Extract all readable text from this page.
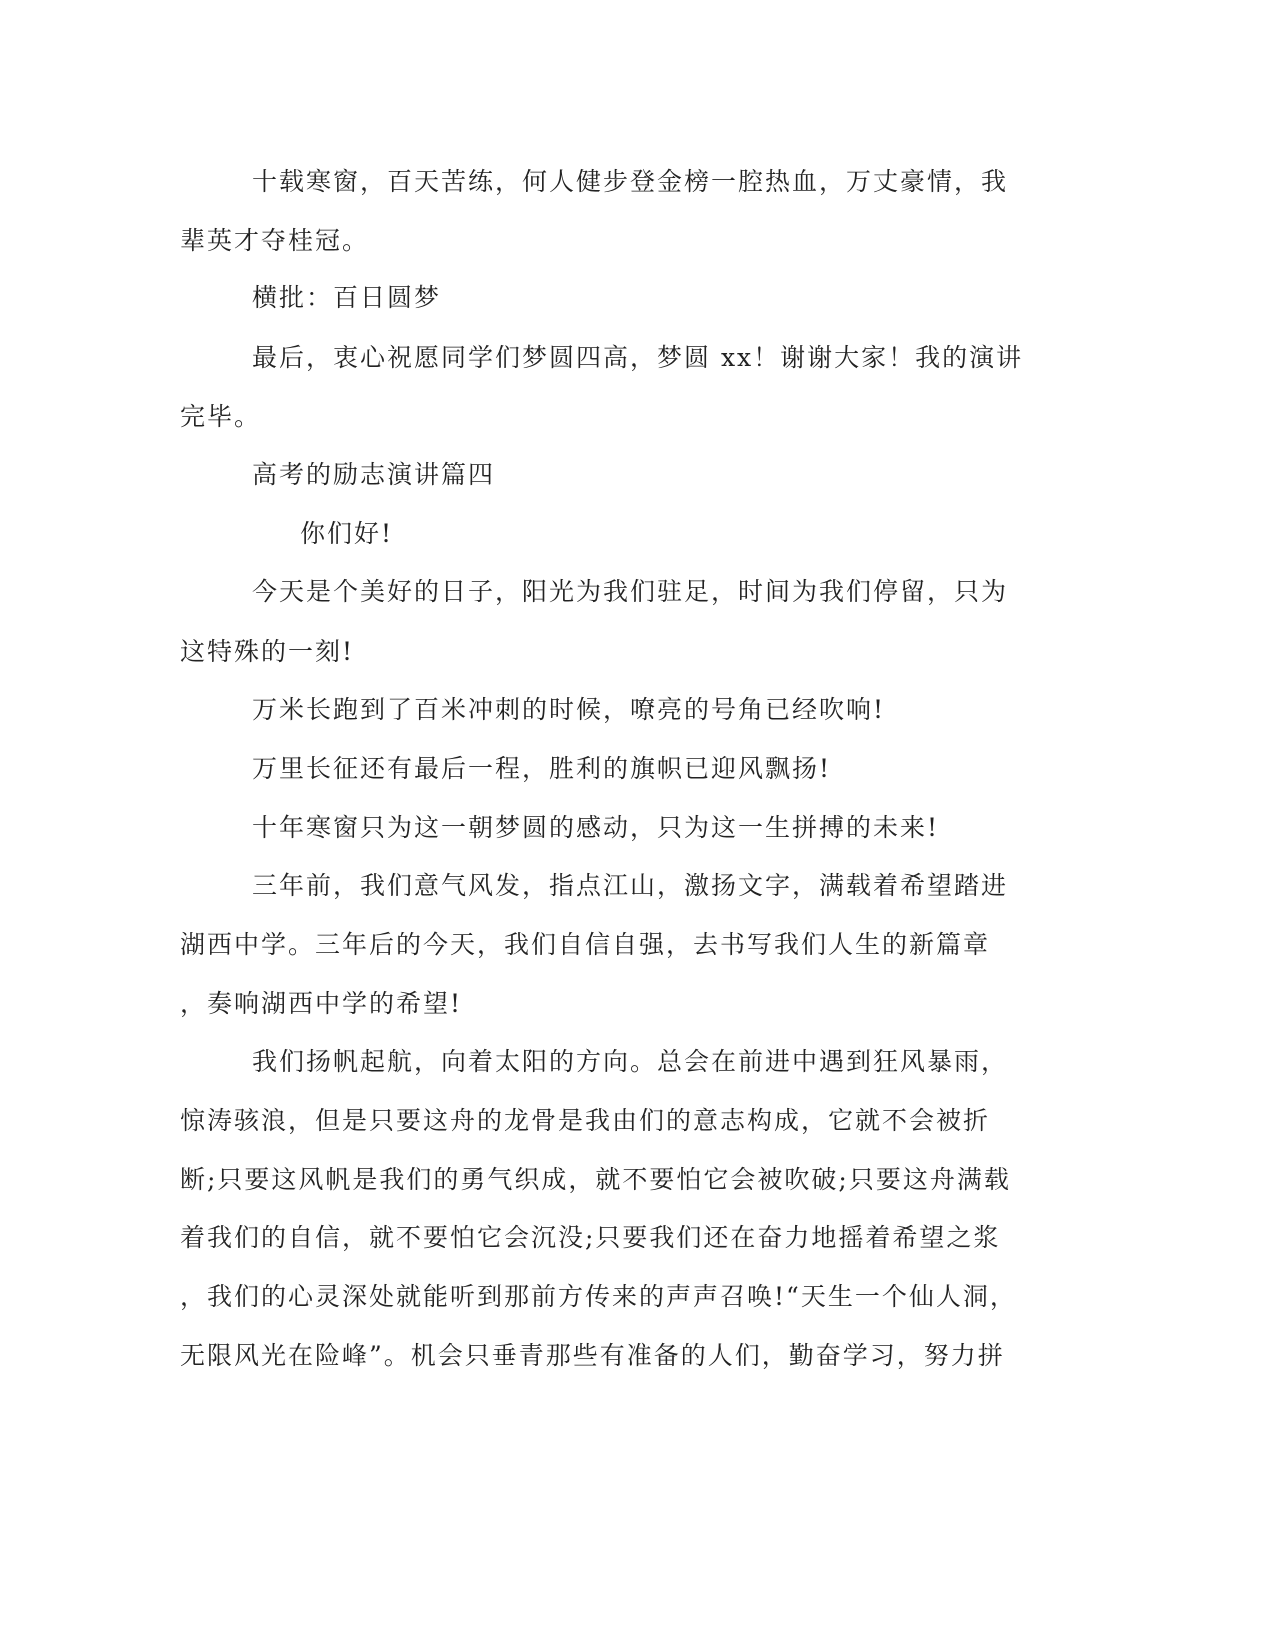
十载寒窗，百天苦练，何人健步登金榜一腔热血，万丈豪情，我
辈英才夺桂冠。
横批：百日圆梦
最后，衷心祝愿同学们梦圆四高，梦圆 xx！谢谢大家！我的演讲
完毕。
高考的励志演讲篇四
你们好!
今天是个美好的日子，阳光为我们驻足，时间为我们停留，只为
这特殊的一刻!
万米长跑到了百米冲刺的时候，嘹亮的号角已经吹响!
万里长征还有最后一程，胜利的旗帜已迎风飘扬!
十年寒窗只为这一朝梦圆的感动，只为这一生拼搏的未来!
三年前，我们意气风发，指点江山，激扬文字，满载着希望踏进
湖西中学。三年后的今天，我们自信自强，去书写我们人生的新篇章
，奏响湖西中学的希望!
我们扬帆起航，向着太阳的方向。总会在前进中遇到狂风暴雨，
惊涛骇浪，但是只要这舟的龙骨是我由们的意志构成，它就不会被折
断;只要这风帆是我们的勇气织成，就不要怕它会被吹破;只要这舟满载
着我们的自信，就不要怕它会沉没;只要我们还在奋力地摇着希望之浆
，我们的心灵深处就能听到那前方传来的声声召唤!“天生一个仙人洞，
无限风光在险峰”。机会只垂青那些有准备的人们，勤奋学习，努力拼
